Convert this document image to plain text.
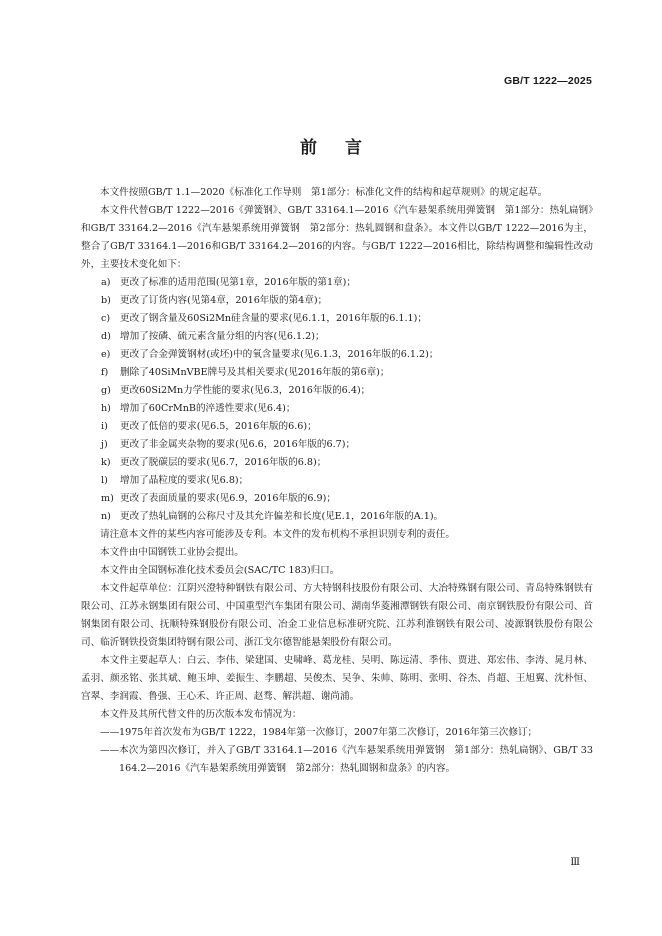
GB/T 1222—2025
前言

本文件按照GB/T 1.1—2020《标准化工作导则　第1部分：标准化文件的结构和起草规则》的规定起草。

本文件代替GB/T 1222—2016《弹簧钢》、GB/T 33164.1—2016《汽车悬架系统用弹簧钢　第1部分：热轧扁钢》和GB/T 33164.2—2016《汽车悬架系统用弹簧钢　第2部分：热轧圆钢和盘条》。本文件以GB/T 1222—2016为主，整合了GB/T 33164.1—2016和GB/T 33164.2—2016的内容。与GB/T 1222—2016相比，除结构调整和编辑性改动外，主要技术变化如下：

a) 更改了标准的适用范围(见第1章，2016年版的第1章)；
b) 更改了订货内容(见第4章，2016年版的第4章)；
c)	更改了钢含量及60Si2Mn硅含量的要求(见6.1.1，2016年版的6.1.1)；
d) 增加了按磷、硫元素含量分组的内容(见6.1.2)；
e) 更改了合金弹簧钢材(或坯)中的氧含量要求(见6.1.3，2016年版的6.1.2)；
f)	删除了40SiMnVBE牌号及其相关要求(见2016年版的第6章)；
g) 更改60Si2Mn力学性能的要求(见6.3，2016年版的6.4)；
h) 增加了60CrMnB的淬透性要求(见6.4)；
i)	更改了低倍的要求(见6.5，2016年版的6.6)；
j)	更改了非金属夹杂物的要求(见6.6，2016年版的6.7)；
k) 更改了脱碳层的要求(见6.7，2016年版的6.8)；
l)	增加了晶粒度的要求(见6.8)；
m) 更改了表面质量的要求(见6.9，2016年版的6.9)；
n) 更改了热轧扁钢的公称尺寸及其允许偏差和长度(见E.1，2016年版的A.1)。

请注意本文件的某些内容可能涉及专利。本文件的发布机构不承担识别专利的责任。

本文件由中国钢铁工业协会提出。

本文件由全国钢标准化技术委员会(SAC/TC 183)归口。

本文件起草单位：江阴兴澄特种钢铁有限公司、方大特钢科技股份有限公司、大冶特殊钢有限公司、青岛特殊钢铁有限公司、江苏永钢集团有限公司、中国重型汽车集团有限公司、湖南华菱湘潭钢铁有限公司、南京钢铁股份有限公司、首钢集团有限公司、抚顺特殊钢股份有限公司、冶金工业信息标准研究院、江苏利淮钢铁有限公司、凌源钢铁股份有限公司、临沂钢铁投资集团特钢有限公司、浙江戈尔德智能悬架股份有限公司。

本文件主要起草人：白云、李伟、梁建国、史啸峰、葛龙桂、吴明、陈远清、季伟、贾进、郑宏伟、李涛、晁月林、孟羽、颜丞铭、张其斌、鲍玉坤、姜振生、李鹏超、吴俊杰、吴争、朱帅、陈明、张明、谷杰、肖超、王旭翼、沈朴恒、宫翠、李润霞、鲁强、王心禾、许正周、赵骛、解洪超、谢尚浦。

本文件及其所代替文件的历次版本发布情况为：

—— 1975年首次发布为GB/T 1222，1984年第一次修订，2007年第二次修订，2016年第三次修订；
—— 本次为第四次修订，并入了GB/T 33164.1—2016《汽车悬架系统用弹簧钢　第1部分：热轧扁钢》、GB/T 33164.2—2016《汽车悬架系统用弹簧钢　第2部分：热轧圆钢和盘条》的内容。
Ⅲ
